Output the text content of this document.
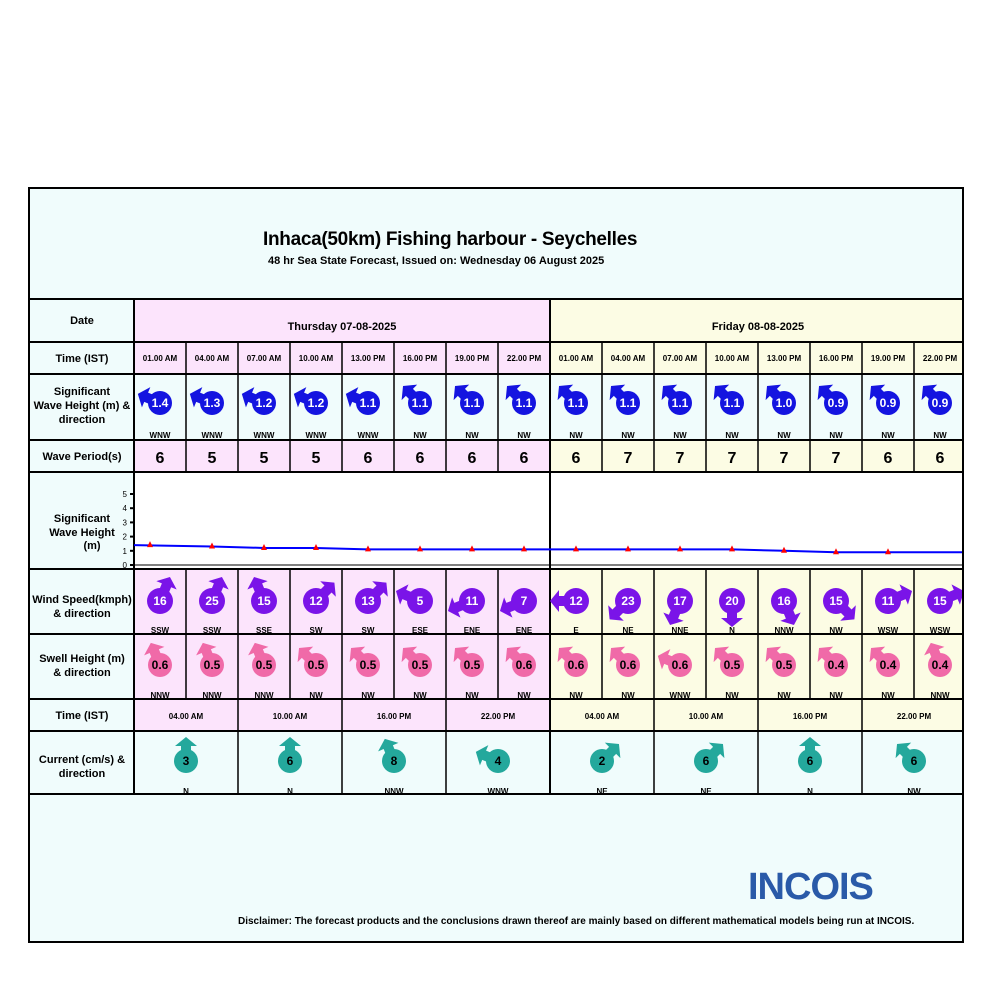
Inhaca(50km) Fishing harbour - Seychelles
48 hr Sea State Forecast, Issued on: Wednesday 06 August 2025
Date
Time (IST)
Significant
Wave Height (m) &
direction
Wave Period(s)
Significant
Wave Height
(m)
Wind Speed(kmph)
& direction
Swell Height (m)
& direction
Time (IST)
Current (cm/s) &
direction
Thursday 07-08-2025	Friday 08-08-2025
01.00 AM
1.4
WNW
6
16
SSW
0.6
NNW
04.00 AM
1.3
WNW
5
25
SSW
0.5
NNW
07.00 AM
1.2
WNW
5
15
SSE
0.5
NNW
10.00 AM
1.2
WNW
5
12
SW
0.5
NW
13.00 PM
1.1
WNW
6
13
SW
0.5
NW
16.00 PM
1.1
NW
6
5
ESE
0.5
NW
19.00 PM
1.1
NW
6
11
ENE
0.5
NW
22.00 PM
1.1
NW
6
7
ENE
0.6
NW
01.00 AM
1.1
NW
6
12
E
0.6
NW
04.00 AM
1.1
NW
7
23
NE
0.6
NW
07.00 AM
1.1
NW
7
17
NNE
0.6
WNW
10.00 AM
1.1
NW
7
20
N
0.5
NW
13.00 PM
1.0
NW
7
16
NNW
0.5
NW
16.00 PM
0.9
NW
7
15
NW
0.4
NW
19.00 PM
0.9
NW
6
11
WSW
0.4
NW
22.00 PM
0.9
NW
6
15
WSW
0.4
NNW
04.00 AM
3
N
10.00 AM
6
N
16.00 PM
8
NNW
22.00 PM
4
WNW
04.00 AM
2
NE
10.00 AM
6
NE
16.00 PM
6
N
22.00 PM
6
NW
0
1
2
3
4
5
Disclaimer: The forecast products and the conclusions drawn thereof are mainly based on different mathematical models being run at INCOIS.
INCOIS
